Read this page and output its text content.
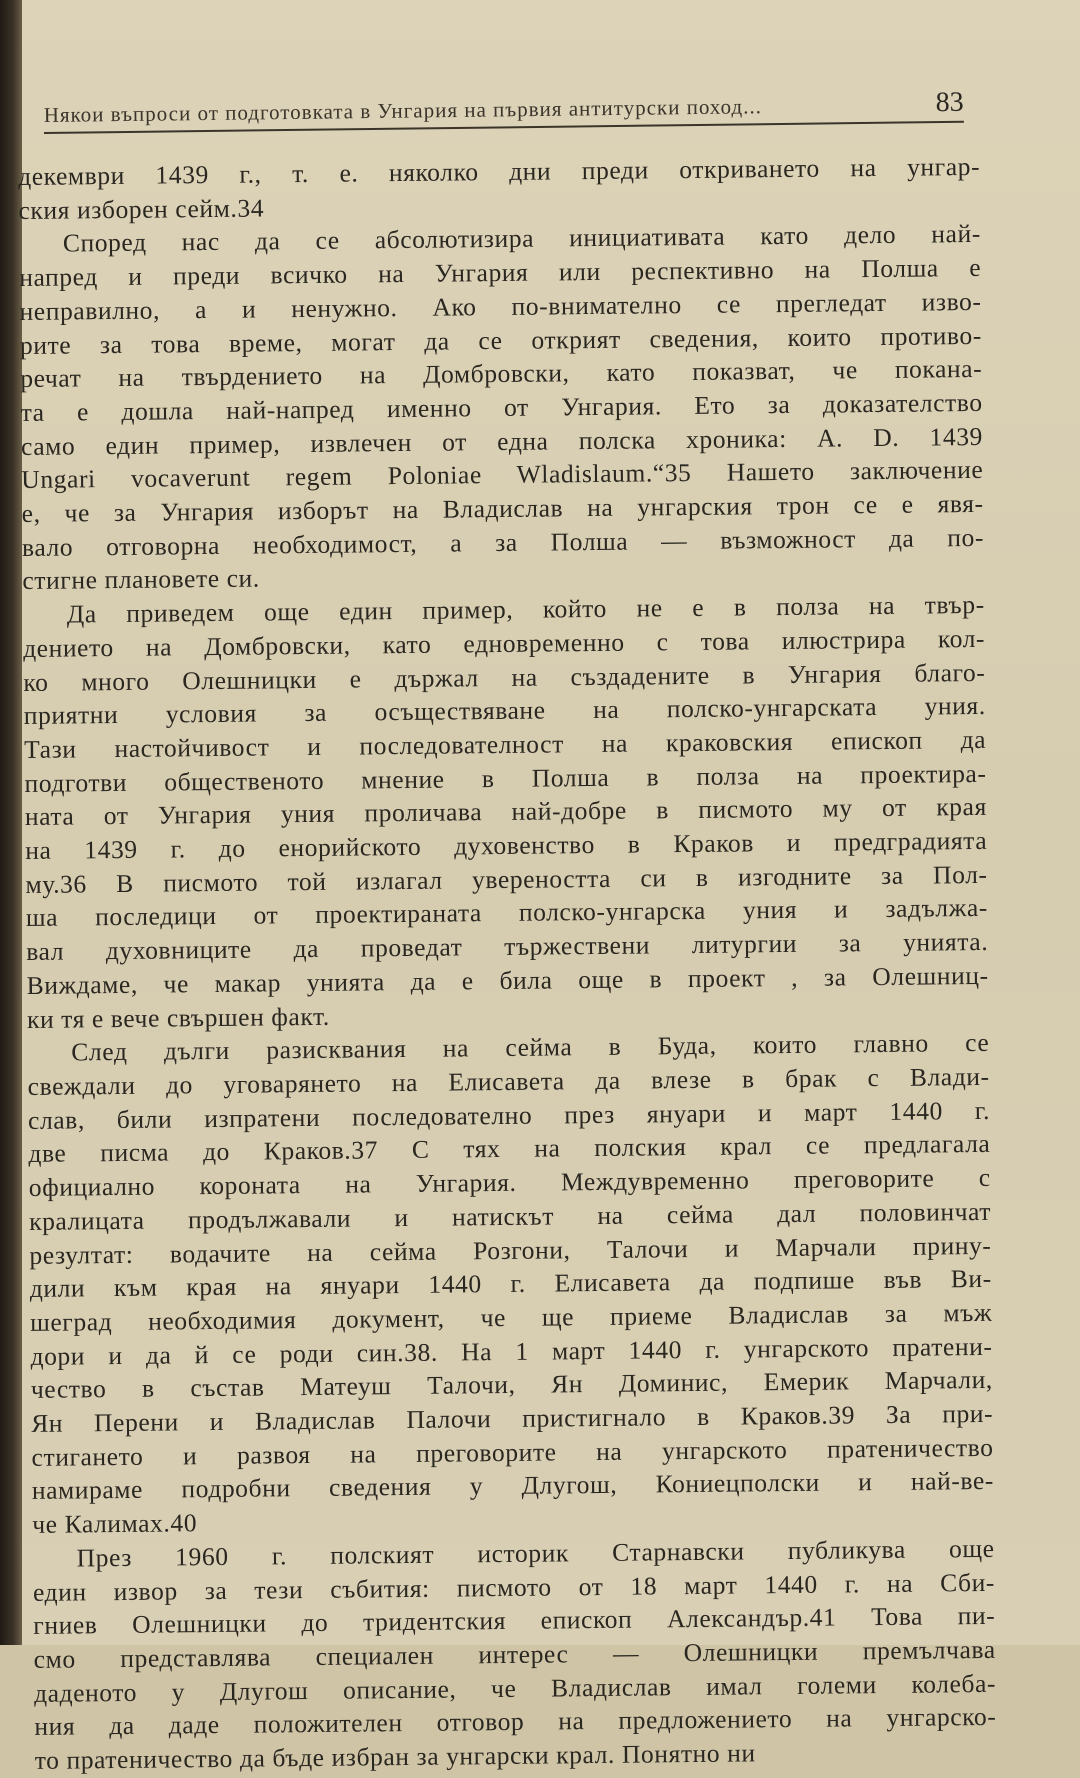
Някои въпроси от подготовката в Унгария на първия антитурски поход...	83

декември 1439 г., т. е. няколко дни преди откриването на унгар-
ския изборен сейм.34

Според нас да се абсолютизира инициативата като дело най-
напред и преди всичко на Унгария или респективно на Полша е
неправилно, а и ненужно. Ако по-внимателно се прегледат изво-
рите за това време, могат да се открият сведения, които противо-
речат на твърдението на Домбровски, като показват, че покана-
та е дошла най-напред именно от Унгария. Ето за доказателство
само един пример, извлечен от една полска хроника: A. D. 1439
Ungari vocaverunt regem Poloniae Wladislaum.“35 Нашето заключение
е, че за Унгария изборът на Владислав на унгарския трон се е явя-
вало отговорна необходимост, а за Полша — възможност да по-
стигне плановете си.

Да приведем още един пример, който не е в полза на твър-
дението на Домбровски, като едновременно с това илюстрира кол-
ко много Олешницки е държал на създадените в Унгария благо-
приятни условия за осъществяване на полско-унгарската уния.
Тази настойчивост и последователност на краковския епископ да
подготви общественото мнение в Полша в полза на проектира-
ната от Унгария уния проличава най-добре в писмото му от края
на 1439 г. до енорийското духовенство в Краков и предградията
му.36 В писмото той излагал увереността си в изгодните за Пол-
ша последици от проектираната полско-унгарска уния и задължа-
вал духовниците да проведат тържествени литургии за унията.
Виждаме, че макар унията да е била още в проект , за Олешниц-
ки тя е вече свършен факт.

След дълги разисквания на сейма в Буда, които главно се
свеждали до уговарянето на Елисавета да влезе в брак с Влади-
слав, били изпратени последователно през януари и март 1440 г.
две писма до Краков.37 С тях на полския крал се предлагала
официално короната на Унгария. Междувременно преговорите с
кралицата продължавали и натискът на сейма дал половинчат
резултат: водачите на сейма Розгони, Талочи и Марчали прину-
дили към края на януари 1440 г. Елисавета да подпише във Ви-
шеград необходимия документ, че ще приеме Владислав за мъж
дори и да й се роди син.38. На 1 март 1440 г. унгарското пратени-
чество в състав Матеуш Талочи, Ян Доминис, Емерик Марчали,
Ян Перени и Владислав Палочи пристигнало в Краков.39 За при-
стигането и развоя на преговорите на унгарското пратеничество
намираме подробни сведения у Длугош, Кониецполски и най-ве-
че Калимах.40

През 1960 г. полският историк Старнавски публикува още
един извор за тези събития: писмото от 18 март 1440 г. на Сби-
гниев Олешницки до тридентския епископ Александър.41 Това пи-
смо представлява специален интерес — Олешницки премълчава
даденото у Длугош описание, че Владислав имал големи колеба-
ния да даде положителен отговор на предложението на унгарско-
то пратеничество да бъде избран за унгарски крал. Понятно ни
